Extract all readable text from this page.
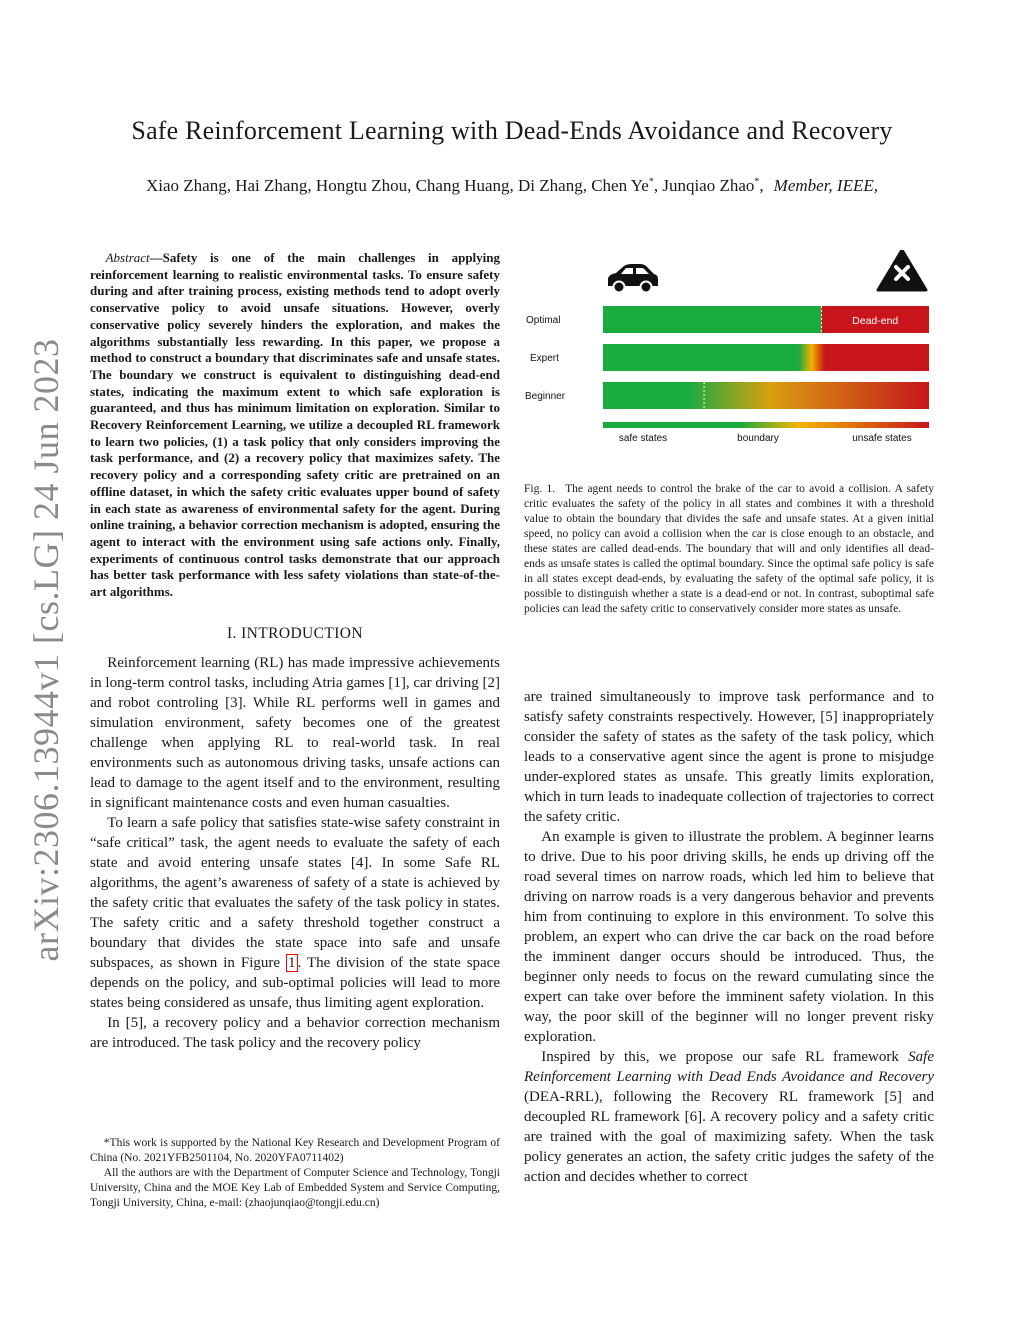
arXiv:2306.13944v1 [cs.LG] 24 Jun 2023
Safe Reinforcement Learning with Dead-Ends Avoidance and Recovery

Xiao Zhang, Hai Zhang, Hongtu Zhou, Chang Huang, Di Zhang, Chen Ye*, Junqiao Zhao*, Member, IEEE,

Abstract—Safety is one of the main challenges in applying reinforcement learning to realistic environmental tasks. To ensure safety during and after training process, existing methods tend to adopt overly conservative policy to avoid unsafe situations. However, overly conservative policy severely hinders the exploration, and makes the algorithms substantially less rewarding. In this paper, we propose a method to construct a boundary that discriminates safe and unsafe states. The boundary we construct is equivalent to distinguishing dead-end states, indicating the maximum extent to which safe exploration is guaranteed, and thus has minimum limitation on exploration. Similar to Recovery Reinforcement Learning, we utilize a decoupled RL framework to learn two policies, (1) a task policy that only considers improving the task performance, and (2) a recovery policy that maximizes safety. The recovery policy and a corresponding safety critic are pretrained on an offline dataset, in which the safety critic evaluates upper bound of safety in each state as awareness of environmental safety for the agent. During online training, a behavior correction mechanism is adopted, ensuring the agent to interact with the environment using safe actions only. Finally, experiments of continuous control tasks demonstrate that our approach has better task performance with less safety violations than state-of-the-art algorithms.

I. INTRODUCTION

Reinforcement learning (RL) has made impressive achievements in long-term control tasks, including Atria games [1], car driving [2] and robot controling [3]. While RL performs well in games and simulation environment, safety becomes one of the greatest challenge when applying RL to real-world task. In real environments such as autonomous driving tasks, unsafe actions can lead to damage to the agent itself and to the environment, resulting in significant maintenance costs and even human casualties.

To learn a safe policy that satisfies state-wise safety constraint in “safe critical” task, the agent needs to evaluate the safety of each state and avoid entering unsafe states [4]. In some Safe RL algorithms, the agent’s awareness of safety of a state is achieved by the safety critic that evaluates the safety of the task policy in states. The safety critic and a safety threshold together construct a boundary that divides the state space into safe and unsafe subspaces, as shown in Figure 1 . The division of the state space depends on the policy, and sub-optimal policies will lead to more states being considered as unsafe, thus limiting agent exploration.

In [5], a recovery policy and a behavior correction mechanism are introduced. The task policy and the recovery policy

*This work is supported by the National Key Research and Development Program of China (No. 2021YFB2501104, No. 2020YFA0711402)

All the authors are with the Department of Computer Science and Technology, Tongji University, China and the MOE Key Lab of Embedded System and Service Computing, Tongji University, China, e-mail: (zhaojunqiao@tongji.edu.cn)

Optimal
Expert
Beginner
Dead-end
safe states	boundary	unsafe states

Fig. 1. The agent needs to control the brake of the car to avoid a collision. A safety critic evaluates the safety of the policy in all states and combines it with a threshold value to obtain the boundary that divides the safe and unsafe states. At a given initial speed, no policy can avoid a collision when the car is close enough to an obstacle, and these states are called dead-ends. The boundary that will and only identifies all dead-ends as unsafe states is called the optimal boundary. Since the optimal safe policy is safe in all states except dead-ends, by evaluating the safety of the optimal safe policy, it is possible to distinguish whether a state is a dead-end or not. In contrast, suboptimal safe policies can lead the safety critic to conservatively consider more states as unsafe.

are trained simultaneously to improve task performance and to satisfy safety constraints respectively. However, [5] inappropriately consider the safety of states as the safety of the task policy, which leads to a conservative agent since the agent is prone to misjudge under-explored states as unsafe. This greatly limits exploration, which in turn leads to inadequate collection of trajectories to correct the safety critic.

An example is given to illustrate the problem. A beginner learns to drive. Due to his poor driving skills, he ends up driving off the road several times on narrow roads, which led him to believe that driving on narrow roads is a very dangerous behavior and prevents him from continuing to explore in this environment. To solve this problem, an expert who can drive the car back on the road before the imminent danger occurs should be introduced. Thus, the beginner only needs to focus on the reward cumulating since the expert can take over before the imminent safety violation. In this way, the poor skill of the beginner will no longer prevent risky exploration.

Inspired by this, we propose our safe RL framework Safe Reinforcement Learning with Dead Ends Avoidance and Recovery (DEA-RRL), following the Recovery RL framework [5] and decoupled RL framework [6]. A recovery policy and a safety critic are trained with the goal of maximizing safety. When the task policy generates an action, the safety critic judges the safety of the action and decides whether to correct
